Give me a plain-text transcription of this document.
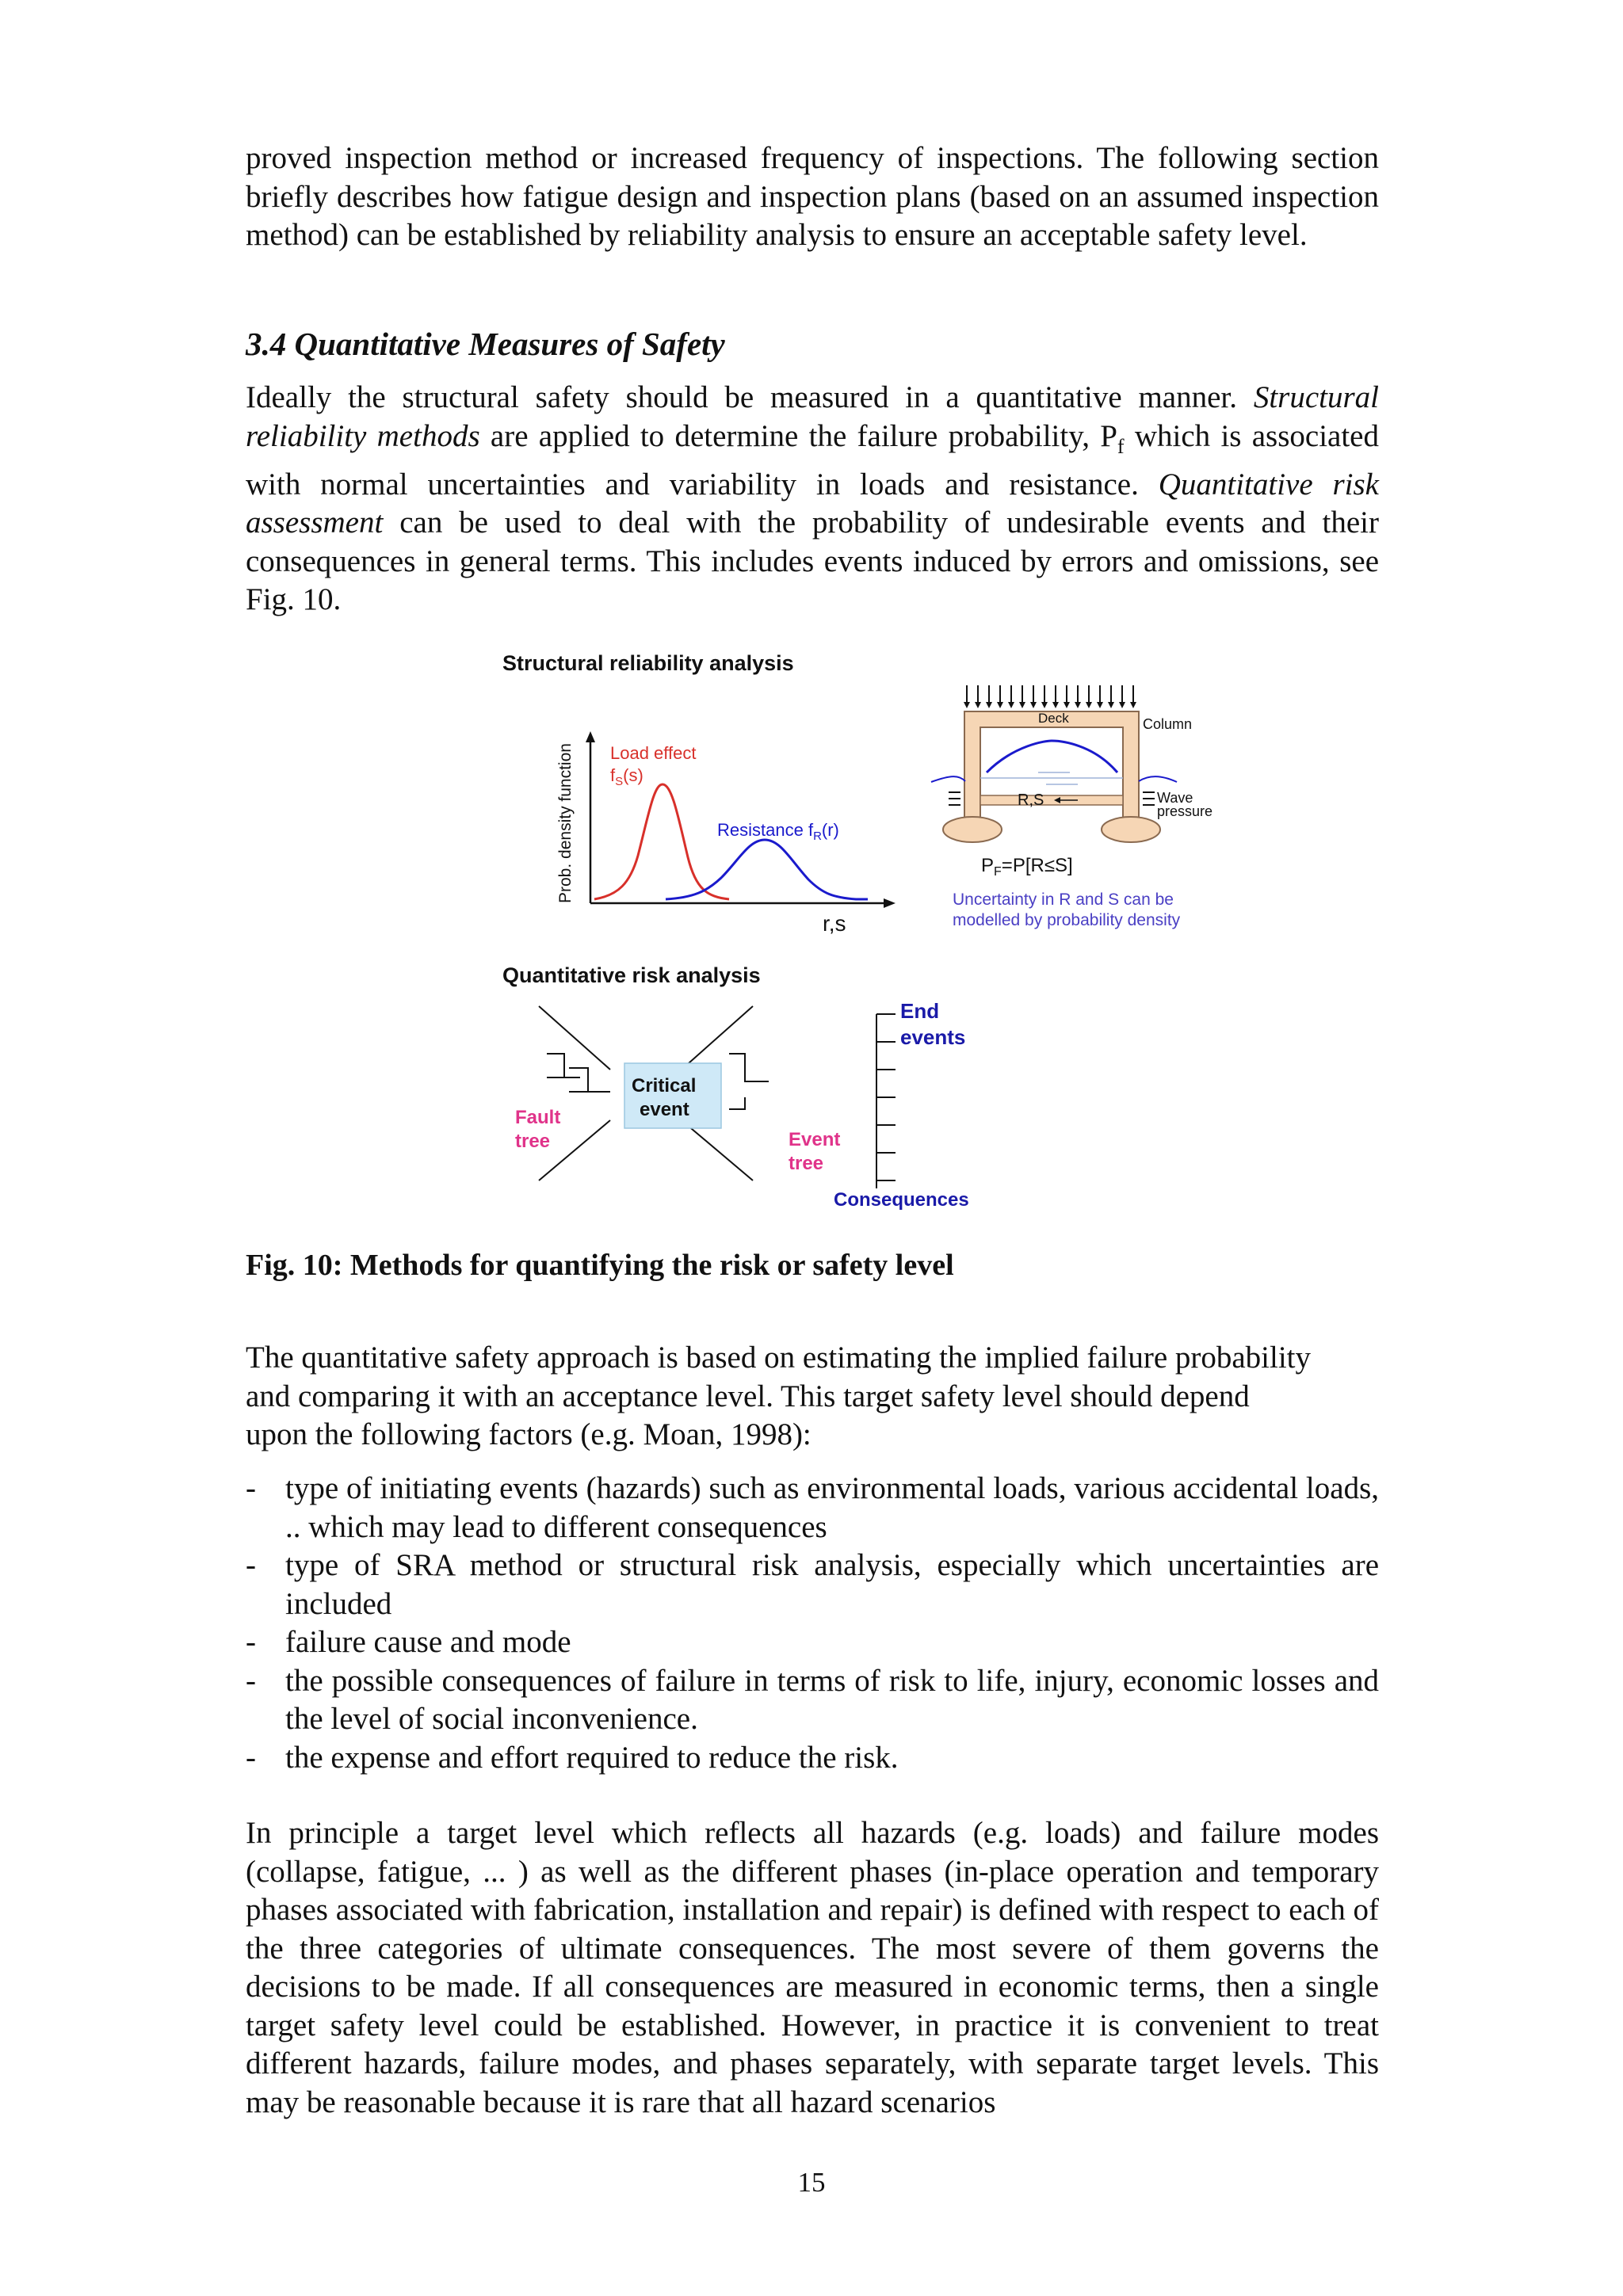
proved inspection method or increased frequency of inspections. The following section briefly describes how fatigue design and inspection plans (based on an assumed inspection method) can be established by reliability analysis to ensure an acceptable safety level.

3.4 Quantitative Measures of Safety

Ideally the structural safety should be measured in a quantitative manner. Structural reliability methods are applied to determine the failure probability, $P_f$ which is associated with normal uncertainties and variability in loads and resistance. Quantitative risk assessment can be used to deal with the probability of undesirable events and their consequences in general terms. This includes events induced by errors and omissions, see Fig. 10.

Structural reliability analysis
Prob. density function Load effect
$f_S(s)$
Resistance $f_R(r)$
r,s
Deck	Column
R,S	Wave
pressure
$P_F=P[R\le S]$
Uncertainty in R and S can be
modelled by probability density
Quantitative risk analysis
Critical
event
End
events
Fault
tree	Event
tree
Consequences
Fig. 10: Methods for quantifying the risk or safety level
The quantitative safety approach is based on estimating the implied failure probability
and comparing it with an acceptance level. This target safety level should depend
upon the following factors (e.g. Moan, 1998):

- type of initiating events (hazards) such as environmental loads, various accidental loads, .. which may lead to different consequences

- type of SRA method or structural risk analysis, especially which uncertainties are included

- failure cause and mode

- the possible consequences of failure in terms of risk to life, injury, economic losses and the level of social inconvenience.

- the expense and effort required to reduce the risk.

In principle a target level which reflects all hazards (e.g. loads) and failure modes (collapse, fatigue, ... ) as well as the different phases (in-place operation and temporary phases associated with fabrication, installation and repair) is defined with respect to each of the three categories of ultimate consequences. The most severe of them governs the decisions to be made. If all consequences are measured in economic terms, then a single target safety level could be established. However, in practice it is convenient to treat different hazards, failure modes, and phases separately, with separate target levels. This may be reasonable because it is rare that all hazard scenarios

15
